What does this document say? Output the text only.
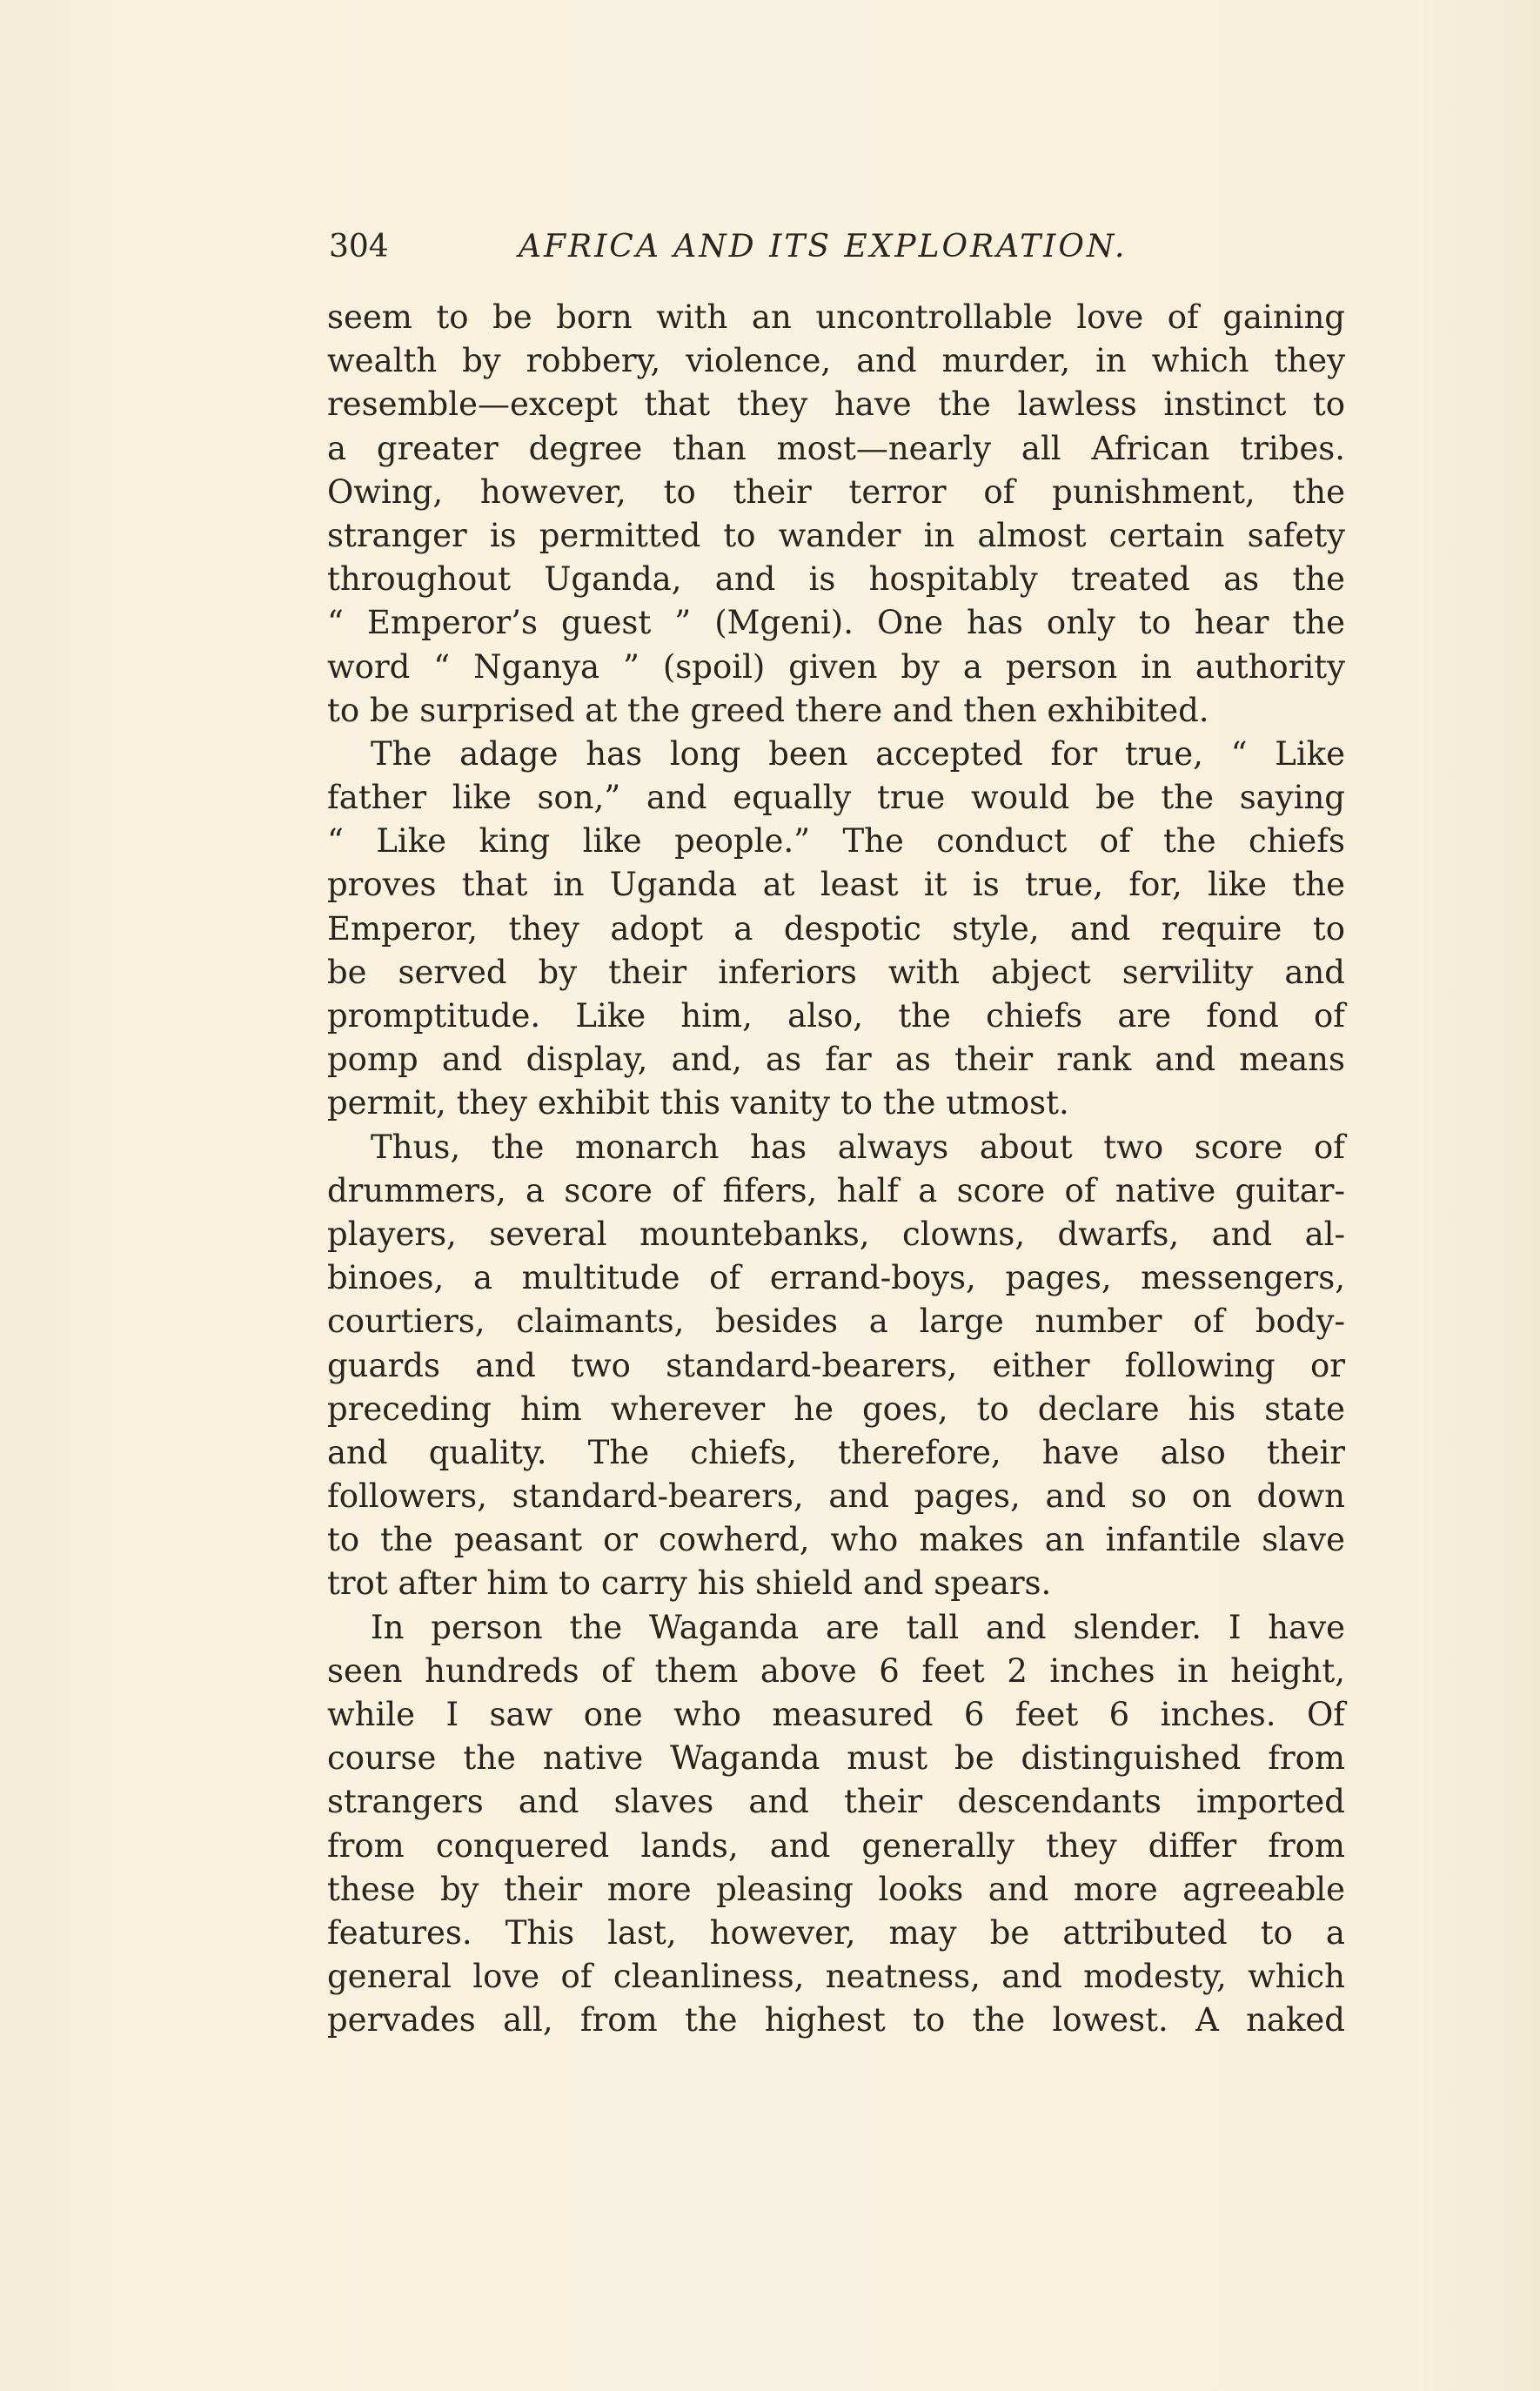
304	AFRICA AND ITS EXPLORATION.
seem to be born with an uncontrollable love of gaining
wealth by robbery, violence, and murder, in which they
resemble—except that they have the lawless instinct to
a greater degree than most—nearly all African tribes.
Owing, however, to their terror of punishment, the
stranger is permitted to wander in almost certain safety
throughout Uganda, and is hospitably treated as the
“ Emperor’s guest ” (Mgeni). One has only to hear the
word “ Nganya ” (spoil) given by a person in authority
to be surprised at the greed there and then exhibited.
The adage has long been accepted for true, “ Like
father like son,” and equally true would be the saying
“ Like king like people.” The conduct of the chiefs
proves that in Uganda at least it is true, for, like the
Emperor, they adopt a despotic style, and require to
be served by their inferiors with abject servility and
promptitude. Like him, also, the chiefs are fond of
pomp and display, and, as far as their rank and means
permit, they exhibit this vanity to the utmost.
Thus, the monarch has always about two score of
drummers, a score of fifers, half a score of native guitar-
players, several mountebanks, clowns, dwarfs, and al-
binoes, a multitude of errand-boys, pages, messengers,
courtiers, claimants, besides a large number of body-
guards and two standard-bearers, either following or
preceding him wherever he goes, to declare his state
and quality. The chiefs, therefore, have also their
followers, standard-bearers, and pages, and so on down
to the peasant or cowherd, who makes an infantile slave
trot after him to carry his shield and spears.
In person the Waganda are tall and slender. I have
seen hundreds of them above 6 feet 2 inches in height,
while I saw one who measured 6 feet 6 inches. Of
course the native Waganda must be distinguished from
strangers and slaves and their descendants imported
from conquered lands, and generally they differ from
these by their more pleasing looks and more agreeable
features. This last, however, may be attributed to a
general love of cleanliness, neatness, and modesty, which
pervades all, from the highest to the lowest. A naked
